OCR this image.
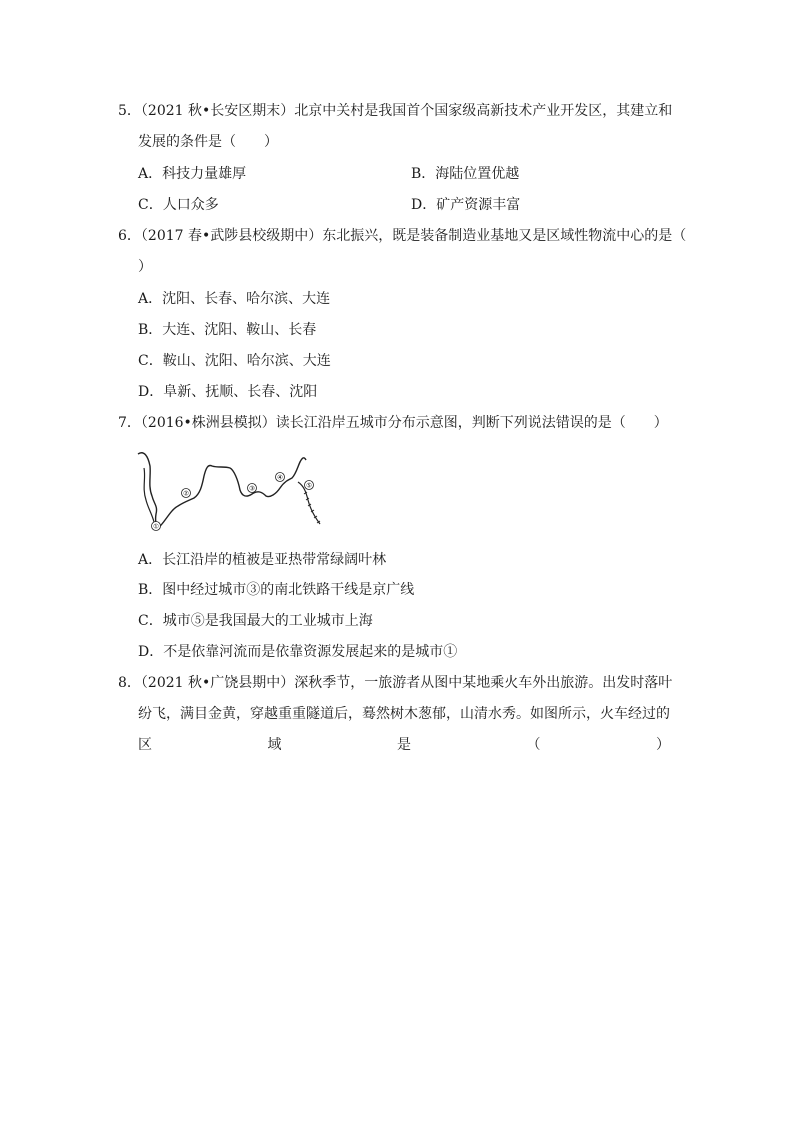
5．（2021 秋•长安区期末）北京中关村是我国首个国家级高新技术产业开发区，其建立和
发展的条件是（　　）
A．科技力量雄厚	B．海陆位置优越
C．人口众多	D．矿产资源丰富
6．（2017 春•武陟县校级期中）东北振兴，既是装备制造业基地又是区域性物流中心的是（
）
A．沈阳、长春、哈尔滨、大连
B．大连、沈阳、鞍山、长春
C．鞍山、沈阳、哈尔滨、大连
D．阜新、抚顺、长春、沈阳
7．（2016•株洲县模拟）读长江沿岸五城市分布示意图，判断下列说法错误的是（　　）
①
②
③
④
⑤
A．长江沿岸的植被是亚热带常绿阔叶林
B．图中经过城市③的南北铁路干线是京广线
C．城市⑤是我国最大的工业城市上海
D．不是依靠河流而是依靠资源发展起来的是城市①
8．（2021 秋•广饶县期中）深秋季节，一旅游者从图中某地乘火车外出旅游。出发时落叶
纷飞，满目金黄，穿越重重隧道后，蓦然树木葱郁，山清水秀。如图所示，火车经过的
区	域	是	（	）
